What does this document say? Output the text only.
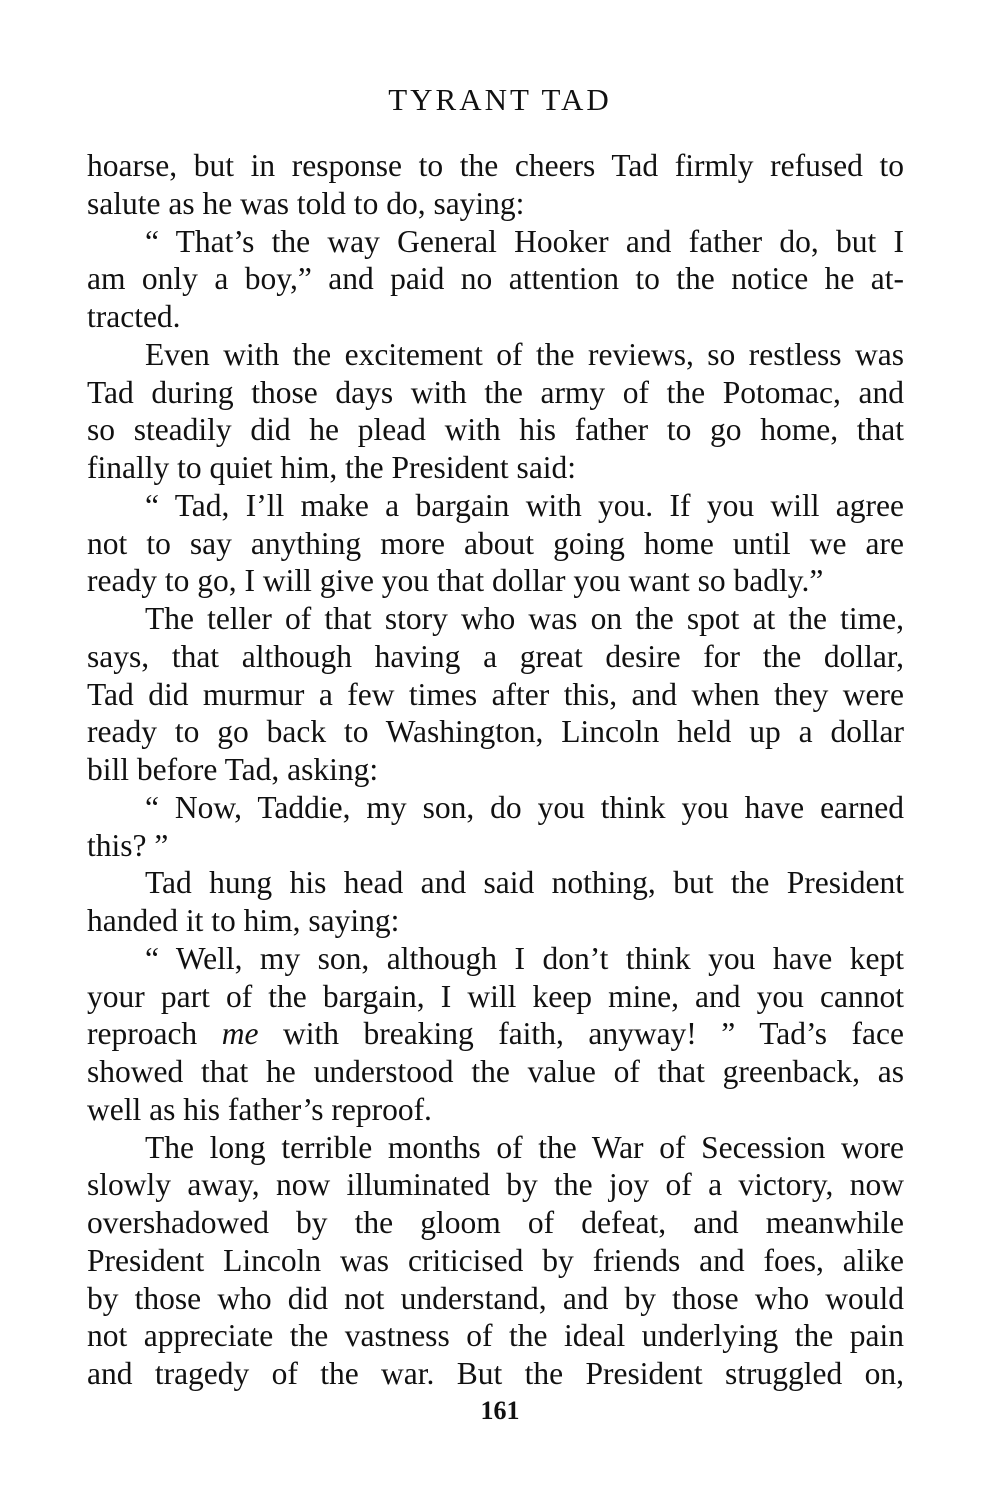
TYRANT TAD
hoarse, but in response to the cheers Tad firmly refused to
salute as he was told to do, saying:
“ That’s the way General Hooker and father do, but I
am only a boy,” and paid no attention to the notice he at-
tracted.
Even with the excitement of the reviews, so restless was
Tad during those days with the army of the Potomac, and
so steadily did he plead with his father to go home, that
finally to quiet him, the President said:
“ Tad, I’ll make a bargain with you. If you will agree
not to say anything more about going home until we are
ready to go, I will give you that dollar you want so badly.”
The teller of that story who was on the spot at the time,
says, that although having a great desire for the dollar,
Tad did murmur a few times after this, and when they were
ready to go back to Washington, Lincoln held up a dollar
bill before Tad, asking:
“ Now, Taddie, my son, do you think you have earned
this? ”
Tad hung his head and said nothing, but the President
handed it to him, saying:
“ Well, my son, although I don’t think you have kept
your part of the bargain, I will keep mine, and you cannot
reproach me with breaking faith, anyway! ” Tad’s face
showed that he understood the value of that greenback, as
well as his father’s reproof.
The long terrible months of the War of Secession wore
slowly away, now illuminated by the joy of a victory, now
overshadowed by the gloom of defeat, and meanwhile
President Lincoln was criticised by friends and foes, alike
by those who did not understand, and by those who would
not appreciate the vastness of the ideal underlying the pain
and tragedy of the war. But the President struggled on,
161
